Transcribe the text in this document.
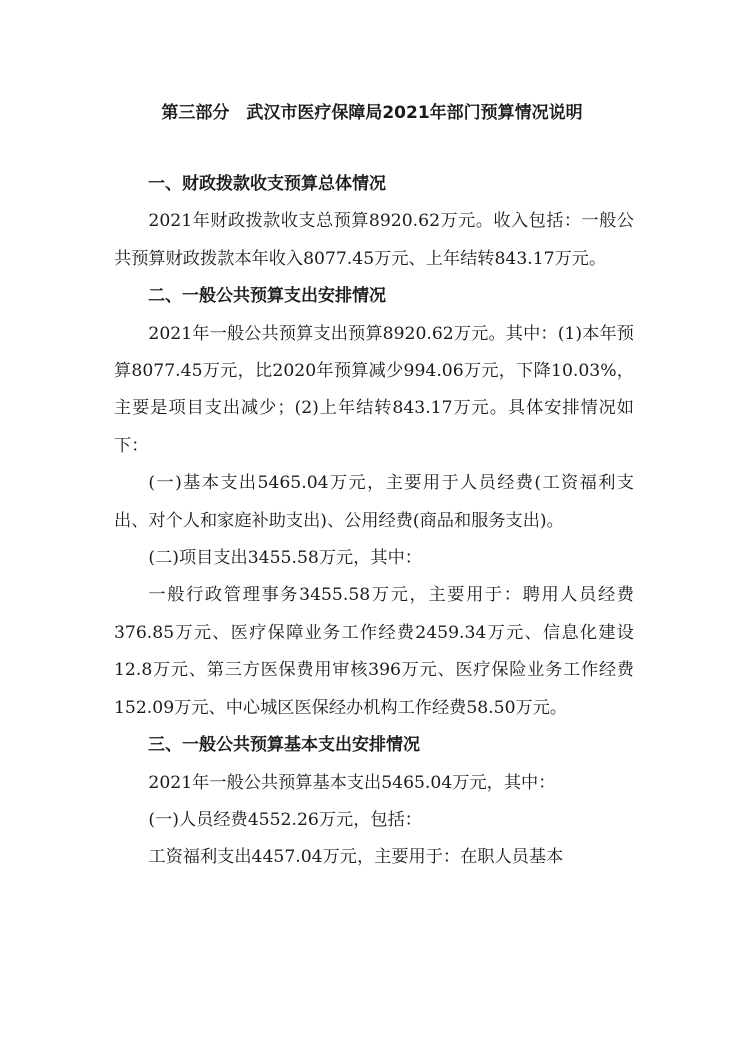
第三部分　武汉市医疗保障局2021年部门预算情况说明
一、财政拨款收支预算总体情况

2021年财政拨款收支总预算8920.62万元。收入包括：一般公共预算财政拨款本年收入8077.45万元、上年结转843.17万元。

二、一般公共预算支出安排情况

2021年一般公共预算支出预算8920.62万元。其中：(1)本年预算8077.45万元，比2020年预算减少994.06万元，下降10.03%，主要是项目支出减少；(2)上年结转843.17万元。具体安排情况如下：

(一)基本支出5465.04万元，主要用于人员经费(工资福利支出、对个人和家庭补助支出)、公用经费(商品和服务支出)。

(二)项目支出3455.58万元，其中：

一般行政管理事务3455.58万元，主要用于：聘用人员经费376.85万元、医疗保障业务工作经费2459.34万元、信息化建设12.8万元、第三方医保费用审核396万元、医疗保险业务工作经费152.09万元、中心城区医保经办机构工作经费58.50万元。

三、一般公共预算基本支出安排情况

2021年一般公共预算基本支出5465.04万元，其中：

(一)人员经费4552.26万元，包括：

工资福利支出4457.04万元，主要用于：在职人员基本
